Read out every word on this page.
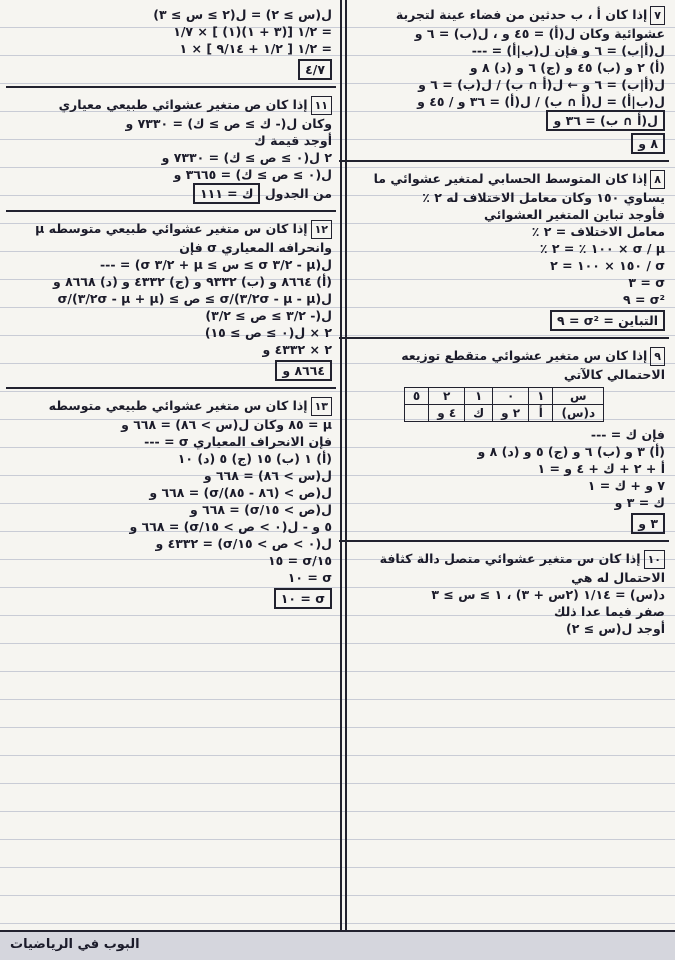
٧إذا كان أ ، ب حدثين من فضاء عينة لتجربة
عشوائية وكان ل(أ) = ٤٥ و ، ل(ب) = ٦ و
ل(أ|ب) = ٦ و فإن ل(ب|أ) = ---
(أ) ٢ و (ب) ٤٥ و (ج) ٦ و (د) ٨ و
ل(أ|ب) = ٦ و ← ل(أ ∩ ب) / ل(ب) = ٦ و
ل(ب|أ) = ل(أ ∩ ب) / ل(أ) = ٣٦ و / ٤٥ و
ل(أ ∩ ب) = ٣٦ و
٨ و
٨إذا كان المتوسط الحسابي لمتغير عشوائي ما
يساوي ١٥٠ وكان معامل الاختلاف له ٢ ٪
فأوجد تباين المتغير العشوائي
معامل الاختلاف = ٢ ٪
σ / μ × ١٠٠ ٪ = ٢ ٪
σ / ١٥٠ × ١٠٠ = ٢
σ = ٣
σ² = ٩
التباين = σ² = ٩
٩إذا كان س متغير عشوائي متقطع توزيعه
الاحتمالي كالآتي
س	١	٠	١	٢	٥
د(س)	أ	٢ و	ك	٤ و	
فإن ك = ---
(أ) ٣ و (ب) ٦ و (ج) ٥ و (د) ٨ و
أ + ٢ + ك + ٤ و = ١
٧ و + ك = ١
ك = ٣ و
٣ و
١٠إذا كان س متغير عشوائي متصل دالة كثافة
الاحتمال له هي
د(س) = ١/١٤ (٢س + ٣) ، ١ ≥ س ≥ ٣
صفر فيما عدا ذلك
أوجد ل(س ≥ ٢)
ل(س ≥ ٢) = ل(٢ ≥ س ≥ ٣)
= ١/٢ [(٣ + ١)(١) ] × ١/٧
= ١/٢ [ ١/٢ + ٩/١٤ ] × ١
٤/٧
١١إذا كان ص متغير عشوائي طبيعي معياري
وكان ل(- ك ≥ ص ≥ ك) = ٧٣٣٠ و
أوجد قيمة ك
٢ ل(٠ ≥ ص ≥ ك) = ٧٣٣٠ و
ل(٠ ≥ ص ≥ ك) = ٣٦٦٥ و
من الجدول ك = ١١١
١٢إذا كان س متغير عشوائي طبيعي متوسطه μ
وانحرافه المعياري σ فإن
ل(μ - ٣/٢ σ ≥ س ≥ μ + ٣/٢ σ) = ---
(أ) ٨٦٦٤ و (ب) ٩٣٣٢ و (ج) ٤٣٣٢ و (د) ٨٦٦٨ و
ل(μ - ٣/٢σ - μ)/σ ≥ ص ≥ (μ + ٣/٢σ - μ)/σ
ل(- ٣/٢ ≥ ص ≥ ٣/٢)
٢ × ل(٠ ≥ ص ≥ ١٥)
٢ × ٤٣٣٢ و
٨٦٦٤ و
١٣إذا كان س متغير عشوائي طبيعي متوسطه
μ = ٨٥ وكان ل(س > ٨٦) = ٦٦٨ و
فإن الانحراف المعياري σ = ---
(أ) ١ (ب) ١٥ (ج) ٥ (د) ١٠
ل(س > ٨٦) = ٦٦٨ و
ل(ص > (٨٦ - ٨٥)/σ) = ٦٦٨ و
ل(ص > ١٥/σ) = ٦٦٨ و
٥ و - ل(٠ > ص > ١٥/σ) = ٦٦٨ و
ل(٠ > ص > ١٥/σ) = ٤٣٣٢ و
١٥/σ = ١٥
σ = ١٠
σ = ١٠
البوب في الرياضيات
